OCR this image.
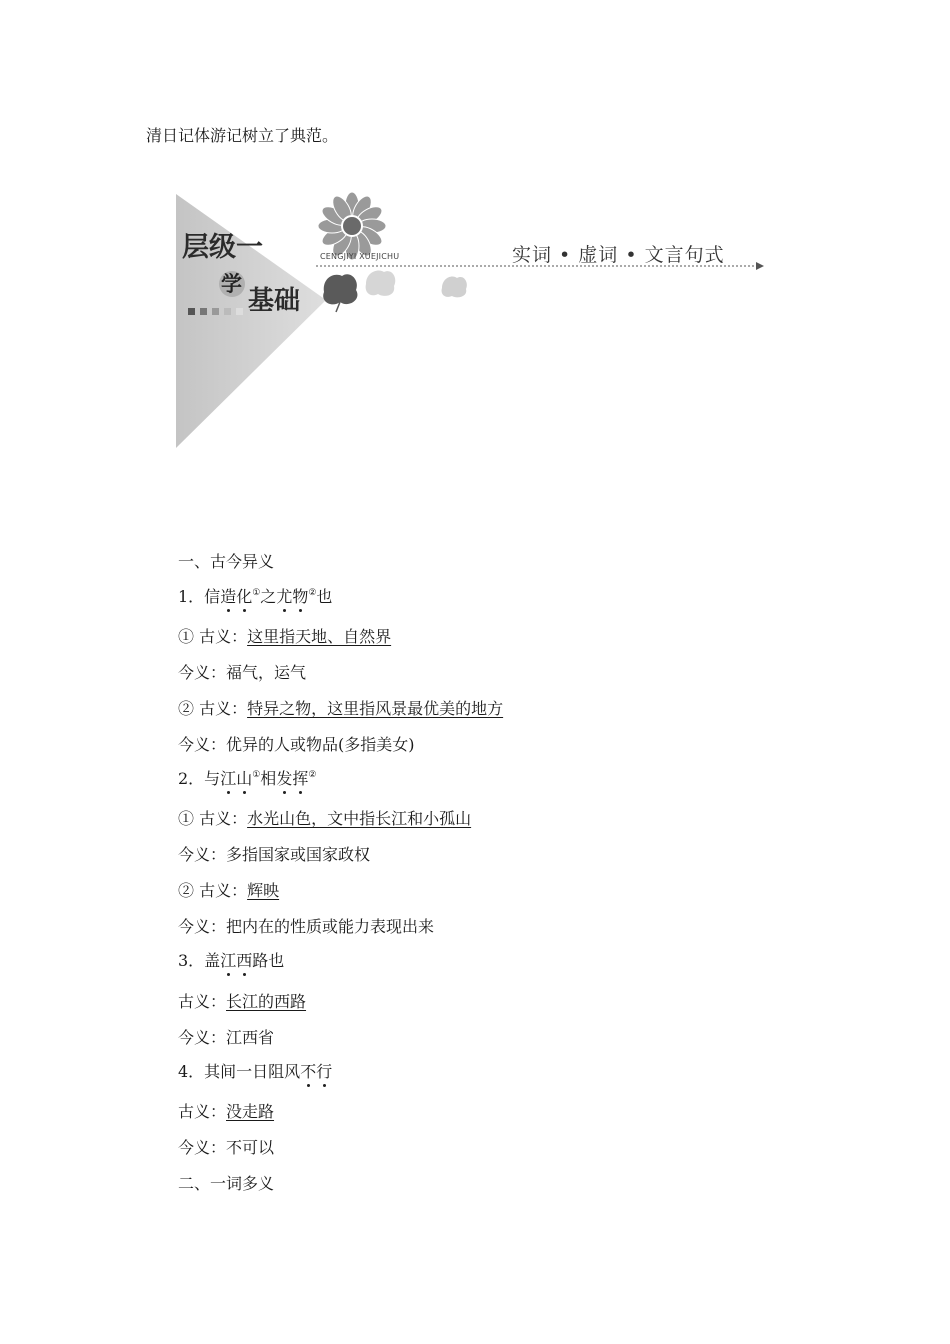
清日记体游记树立了典范。
层级一
学
基础
CENGJIYI XUEJICHU	实词 • 虚词 • 文言句式
一、古今异义
1．信造化①之尤物②也
① 古义：这里指天地、自然界
今义：福气，运气
② 古义：特异之物，这里指风景最优美的地方
今义：优异的人或物品(多指美女)
2．与江山①相发挥②
① 古义：水光山色，文中指长江和小孤山
今义：多指国家或国家政权
② 古义：辉映
今义：把内在的性质或能力表现出来
3．盖江西路也
古义：长江的西路
今义：江西省
4．其间一日阻风不行
古义：没走路
今义：不可以
二、一词多义
